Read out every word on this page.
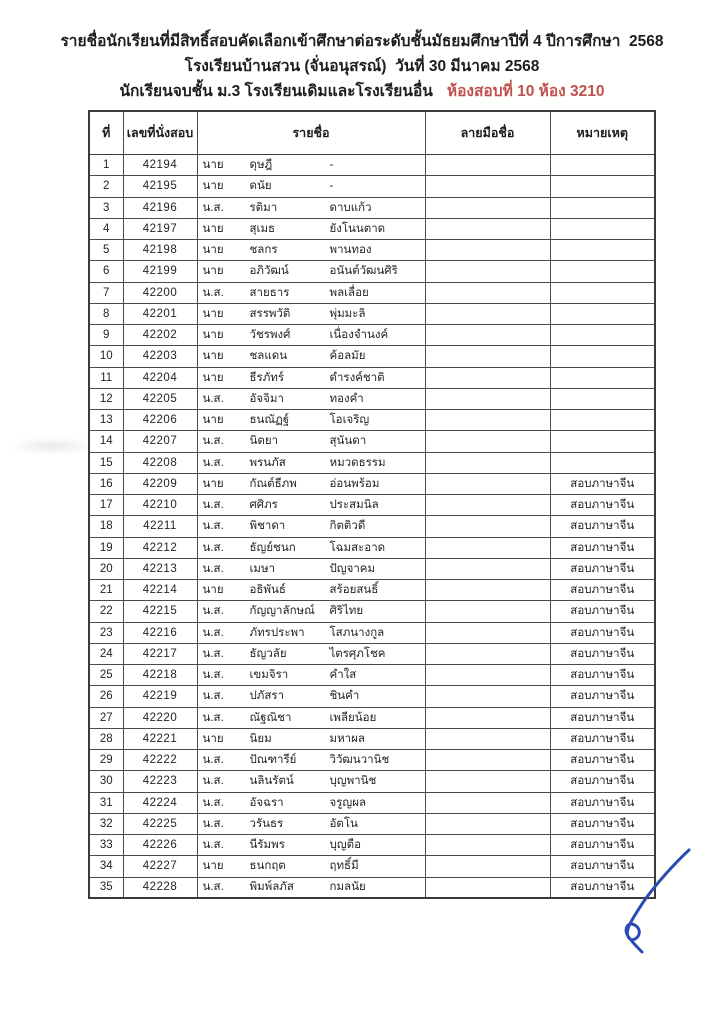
รายชื่อนักเรียนที่มีสิทธิ์สอบคัดเลือกเข้าศึกษาต่อระดับชั้นมัธยมศึกษาปีที่ 4 ปีการศึกษา  2568
โรงเรียนบ้านสวน (จั่นอนุสรณ์)  วันที่ 30 มีนาคม 2568
นักเรียนจบชั้น ม.3 โรงเรียนเดิมและโรงเรียนอื่น ห้องสอบที่ 10 ห้อง 3210
ที่	เลขที่นั่งสอบ	รายชื่อ	ลายมือชื่อ	หมายเหตุ
1	42194	นาย ดุษฎี -		
2	42195	นาย ดนัย -		
3	42196	น.ส. รติมา ดาบแก้ว		
4	42197	นาย สุเมธ ยังโนนตาด		
5	42198	นาย ชลกร พานทอง		
6	42199	นาย อภิวัฒน์ อนันต์วัฒนศิริ		
7	42200	น.ส. สายธาร พลเลื่อย		
8	42201	นาย สรรพวัติ พุ่มมะลิ		
9	42202	นาย วัชรพงศ์ เนื่องจำนงค์		
10	42203	นาย ชลแดน ค้อลมัย		
11	42204	นาย ธีรภัทร์ ดำรงค์ชาติ		
12	42205	น.ส. อัจจิมา ทองคำ		
13	42206	นาย ธนณัฏฐ์ โอเจริญ		
14	42207	น.ส. นิตยา สุนันดา		
15	42208	น.ส. พรนภัส หมวดธรรม		
16	42209	นาย กัณต์ธีภพ อ่อนพร้อม		สอบภาษาจีน
17	42210	น.ส. ศศิภร ประสมนิล		สอบภาษาจีน
18	42211	น.ส. พิชาดา กิตติวดี		สอบภาษาจีน
19	42212	น.ส. ธัญย์ชนก โฉมสะอาด		สอบภาษาจีน
20	42213	น.ส. เมษา ปัญจาคม		สอบภาษาจีน
21	42214	นาย อธิพันธ์ สร้อยสนธิ์		สอบภาษาจีน
22	42215	น.ส. กัญญาลักษณ์ ศิริไทย		สอบภาษาจีน
23	42216	น.ส. ภัทรประพา โสภนางกูล		สอบภาษาจีน
24	42217	น.ส. ธัญวลัย ไตรศุภโชค		สอบภาษาจีน
25	42218	น.ส. เขมจิรา คำใส		สอบภาษาจีน
26	42219	น.ส. ปภัสรา ชินคำ		สอบภาษาจีน
27	42220	น.ส. ณัฐณิชา เพลียน้อย		สอบภาษาจีน
28	42221	นาย นิยม มหาผล		สอบภาษาจีน
29	42222	น.ส. ปัณฑารีย์ วิวัฒนวานิช		สอบภาษาจีน
30	42223	น.ส. นลินรัตน์ บุญพานิช		สอบภาษาจีน
31	42224	น.ส. อัจฉรา จรูญผล		สอบภาษาจีน
32	42225	น.ส. วรันธร อัตโน		สอบภาษาจีน
33	42226	น.ส. นีรัมพร บุญตือ		สอบภาษาจีน
34	42227	นาย ธนกฤต ฤทธิ์มี		สอบภาษาจีน
35	42228	น.ส. พิมพ์ลภัส กมลนัย		สอบภาษาจีน
